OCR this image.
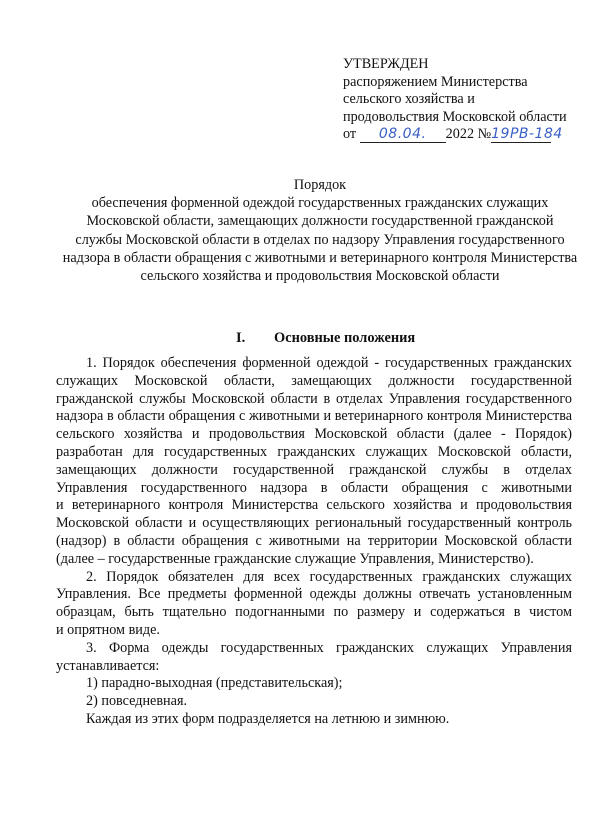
УТВЕРЖДЕН
распоряжением Министерства
сельского хозяйства и
продовольствия Московской области
от 08.04. 2022 №19РВ-184
Порядок
обеспечения форменной одеждой государственных гражданских служащих
Московской области, замещающих должности государственной гражданской
службы Московской области в отделах по надзору Управления государственного
надзора в области обращения с животными и ветеринарного контроля Министерства
сельского хозяйства и продовольствия Московской области
I. Основные положения
1. Порядок обеспечения форменной одеждой - государственных гражданских
служащих Московской области, замещающих должности государственной
гражданской службы Московской области в отделах Управления государственного
надзора в области обращения с животными и ветеринарного контроля Министерства
сельского хозяйства и продовольствия Московской области (далее - Порядок)
разработан для государственных гражданских служащих Московской области,
замещающих должности государственной гражданской службы в отделах
Управления государственного надзора в области обращения с животными
и ветеринарного контроля Министерства сельского хозяйства и продовольствия
Московской области и осуществляющих региональный государственный контроль
(надзор) в области обращения с животными на территории Московской области
(далее – государственные гражданские служащие Управления, Министерство).
2. Порядок обязателен для всех государственных гражданских служащих
Управления. Все предметы форменной одежды должны отвечать установленным
образцам, быть тщательно подогнанными по размеру и содержаться в чистом
и опрятном виде.
3. Форма одежды государственных гражданских служащих Управления
устанавливается:
1) парадно-выходная (представительская);
2) повседневная.
Каждая из этих форм подразделяется на летнюю и зимнюю.
